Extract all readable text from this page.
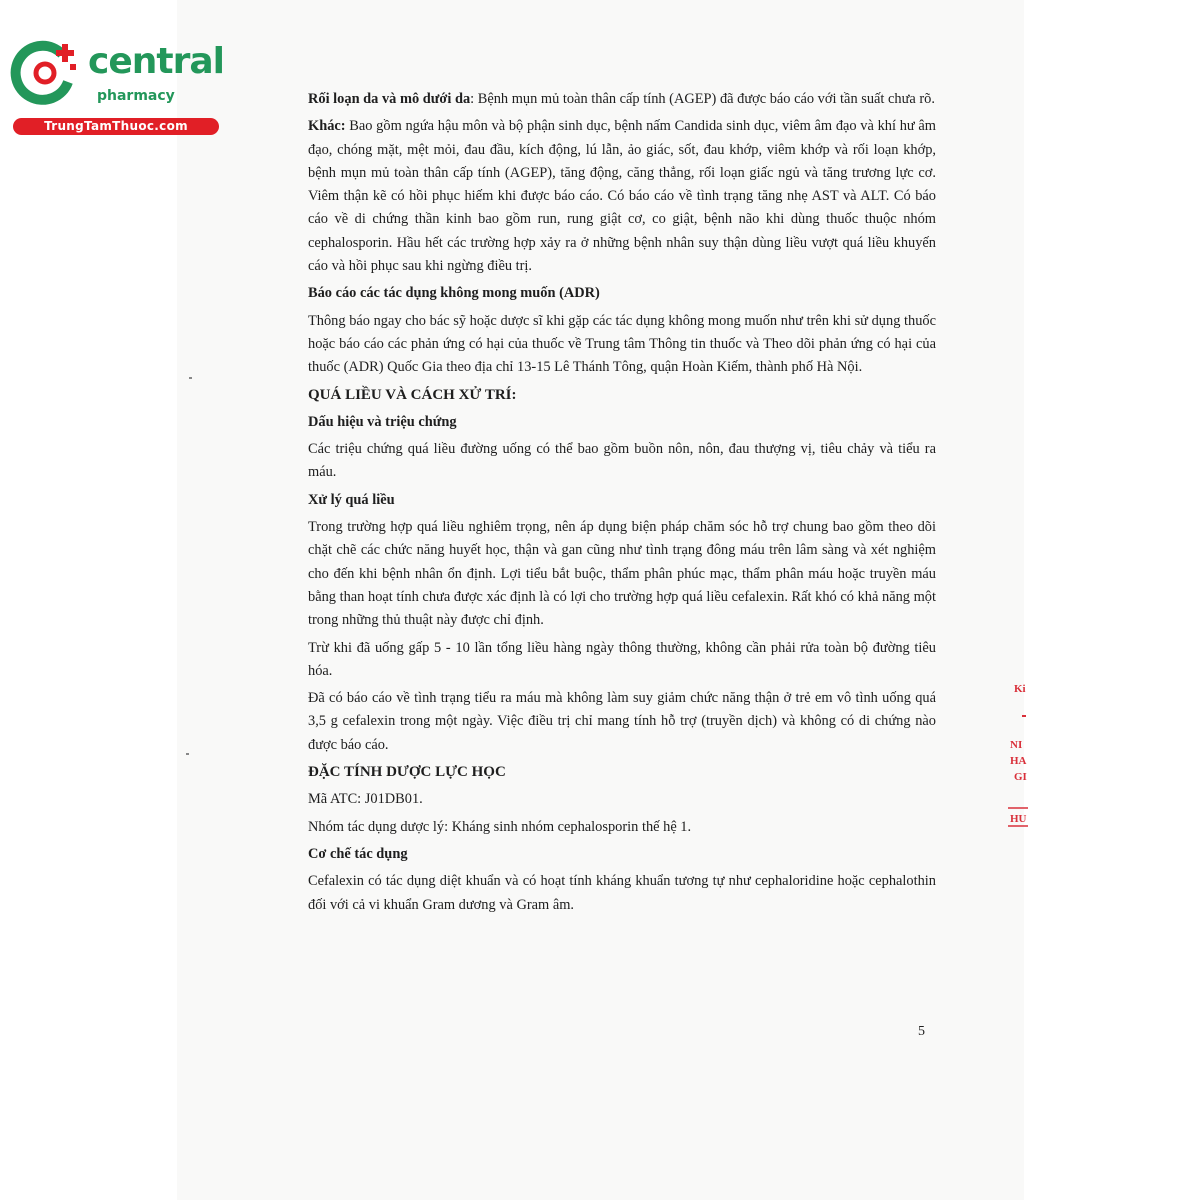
central
pharmacy
TrungTamThuoc.com

Rối loạn da và mô dưới da: Bệnh mụn mủ toàn thân cấp tính (AGEP) đã được báo cáo với tần suất chưa rõ.

Khác: Bao gồm ngứa hậu môn và bộ phận sinh dục, bệnh nấm Candida sinh dục, viêm âm đạo và khí hư âm đạo, chóng mặt, mệt mỏi, đau đầu, kích động, lú lẫn, ảo giác, sốt, đau khớp, viêm khớp và rối loạn khớp, bệnh mụn mủ toàn thân cấp tính (AGEP), tăng động, căng thẳng, rối loạn giấc ngủ và tăng trương lực cơ. Viêm thận kẽ có hồi phục hiếm khi được báo cáo. Có báo cáo về tình trạng tăng nhẹ AST và ALT. Có báo cáo về di chứng thần kinh bao gồm run, rung giật cơ, co giật, bệnh não khi dùng thuốc thuộc nhóm cephalosporin. Hầu hết các trường hợp xảy ra ở những bệnh nhân suy thận dùng liều vượt quá liều khuyến cáo và hồi phục sau khi ngừng điều trị.

Báo cáo các tác dụng không mong muốn (ADR)

Thông báo ngay cho bác sỹ hoặc dược sĩ khi gặp các tác dụng không mong muốn như trên khi sử dụng thuốc hoặc báo cáo các phản ứng có hại của thuốc về Trung tâm Thông tin thuốc và Theo dõi phản ứng có hại của thuốc (ADR) Quốc Gia theo địa chỉ 13-15 Lê Thánh Tông, quận Hoàn Kiếm, thành phố Hà Nội.

QUÁ LIỀU VÀ CÁCH XỬ TRÍ:
Dấu hiệu và triệu chứng

Các triệu chứng quá liều đường uống có thể bao gồm buồn nôn, nôn, đau thượng vị, tiêu chảy và tiểu ra máu.

Xử lý quá liều

Trong trường hợp quá liều nghiêm trọng, nên áp dụng biện pháp chăm sóc hỗ trợ chung bao gồm theo dõi chặt chẽ các chức năng huyết học, thận và gan cũng như tình trạng đông máu trên lâm sàng và xét nghiệm cho đến khi bệnh nhân ổn định. Lợi tiểu bắt buộc, thẩm phân phúc mạc, thẩm phân máu hoặc truyền máu bằng than hoạt tính chưa được xác định là có lợi cho trường hợp quá liều cefalexin. Rất khó có khả năng một trong những thủ thuật này được chỉ định.

Trừ khi đã uống gấp 5 - 10 lần tổng liều hàng ngày thông thường, không cần phải rửa toàn bộ đường tiêu hóa.

Đã có báo cáo về tình trạng tiểu ra máu mà không làm suy giảm chức năng thận ở trẻ em vô tình uống quá 3,5 g cefalexin trong một ngày. Việc điều trị chỉ mang tính hỗ trợ (truyền dịch) và không có di chứng nào được báo cáo.

ĐẶC TÍNH DƯỢC LỰC HỌC

Mã ATC: J01DB01.

Nhóm tác dụng dược lý: Kháng sinh nhóm cephalosporin thế hệ 1.

Cơ chế tác dụng

Cefalexin có tác dụng diệt khuẩn và có hoạt tính kháng khuẩn tương tự như cephaloridine hoặc cephalothin đối với cả vi khuẩn Gram dương và Gram âm.

5
Ki
NI
HA
GI
HU
